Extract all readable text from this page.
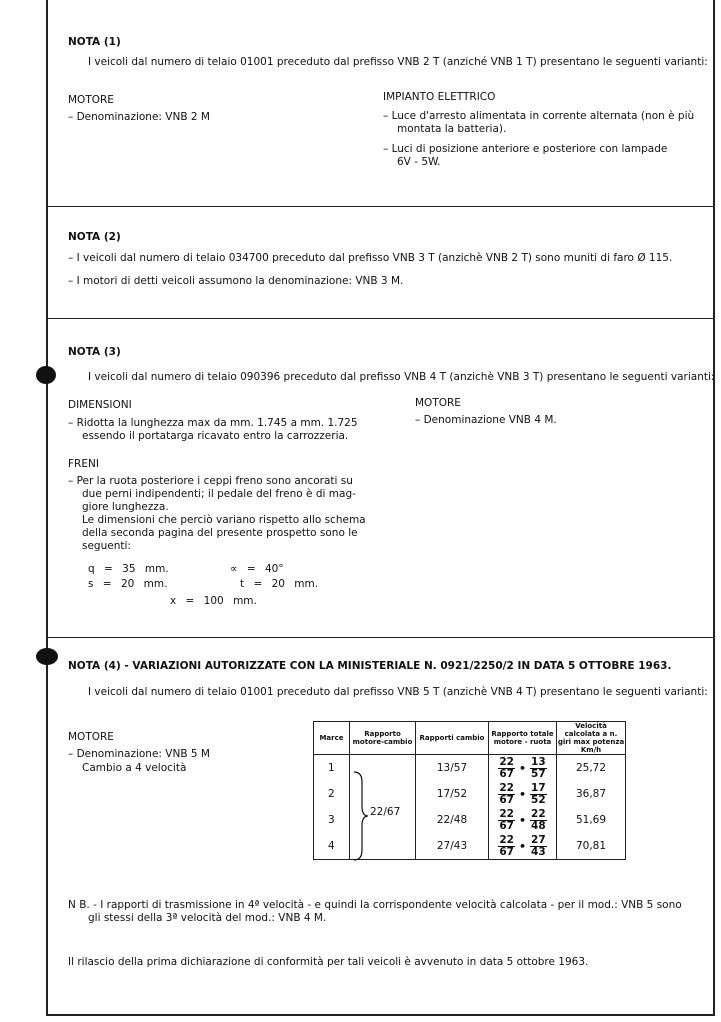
NOTA (1)
I veicoli dal numero di telaio 01001 preceduto dal prefisso VNB 2 T (anziché VNB 1 T) presentano le seguenti varianti:
MOTORE
– Denominazione: VNB 2 M
IMPIANTO ELETTRICO
– Luce d'arresto alimentata in corrente alternata (non è più
montata la batteria).
– Luci di posizione anteriore e posteriore con lampade
6V - 5W.
NOTA (2)
– I veicoli dal numero di telaio 034700 preceduto dal prefisso VNB 3 T (anzichè VNB 2 T) sono muniti di faro Ø 115.
– I motori di detti veicoli assumono la denominazione: VNB 3 M.
NOTA (3)
I veicoli dal numero di telaio 090396 preceduto dal prefisso VNB 4 T (anzichè VNB 3 T) presentano le seguenti varianti:
DIMENSIONI
– Ridotta la lunghezza max da mm. 1.745 a mm. 1.725
essendo il portatarga ricavato entro la carrozzeria.
MOTORE
– Denominazione VNB 4 M.
FRENI
– Per la ruota posteriore i ceppi freno sono ancorati su
due perni indipendenti; il pedale del freno è di mag-
giore lunghezza.
Le dimensioni che perciò variano rispetto allo schema
della seconda pagina del presente prospetto sono le
seguenti:
q = 35 mm.	∝ = 40°
s = 20 mm.	t = 20 mm.
x = 100 mm.
NOTA (4) - VARIAZIONI AUTORIZZATE CON LA MINISTERIALE N. 0921/2250/2 IN DATA 5 OTTOBRE 1963.
I veicoli dal numero di telaio 01001 preceduto dal prefisso VNB 5 T (anzichè VNB 4 T) presentano le seguenti varianti:
MOTORE
– Denominazione: VNB 5 M
Cambio a 4 velocità
Marce	Rapporto motore-cambio	Rapporti cambio	Rapporto totale motore - ruota	Velocità calcolata a n. giri max potenza Km/h
1		13/57	$\frac{22}{67}$ • $\frac{13}{57}$	25,72
2		17/52	$\frac{22}{67}$ • $\frac{17}{52}$	36,87
3		22/48	$\frac{22}{67}$ • $\frac{22}{48}$	51,69
4		27/43	$\frac{22}{67}$ • $\frac{27}{43}$	70,81
22/67
N B. - I rapporti di trasmissione in 4ª velocità - e quindi la corrispondente velocità calcolata - per il mod.: VNB 5 sono
gli stessi della 3ª velocità del mod.: VNB 4 M.
Il rilascio della prima dichiarazione di conformità per tali veicoli è avvenuto in data 5 ottobre 1963.
